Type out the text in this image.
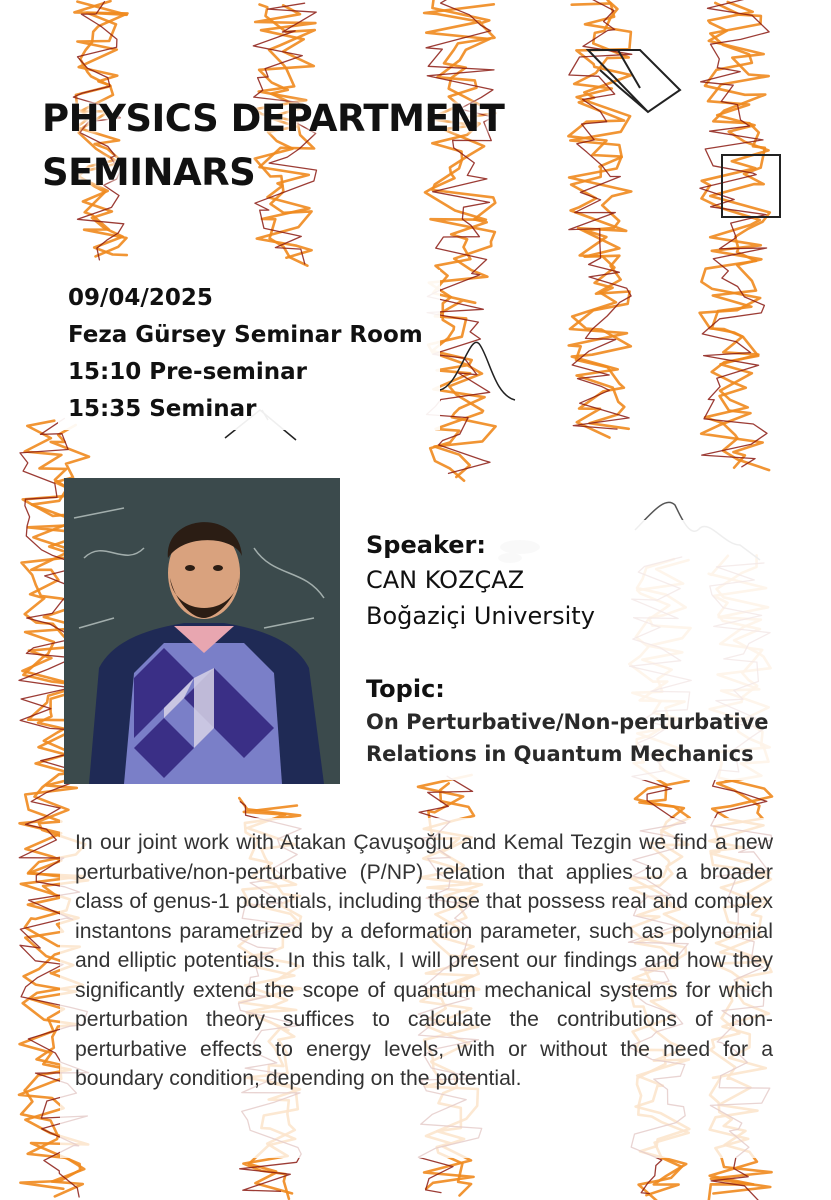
PHYSICS DEPARTMENT
SEMINARS
09/04/2025
Feza Gürsey Seminar Room
15:10 Pre-seminar
15:35 Seminar
Speaker:
CAN KOZÇAZ
Boğaziçi University
Topic:
On Perturbative/Non-perturbative
Relations in Quantum Mechanics

In our joint work with Atakan Çavuşoğlu and Kemal Tezgin we find a new perturbative/non-perturbative (P/NP) relation that applies to a broader class of genus-1 potentials, including those that possess real and complex instantons parametrized by a deformation parameter, such as polynomial and elliptic potentials. In this talk, I will present our findings and how they significantly extend the scope of quantum mechanical systems for which perturbation theory suffices to calculate the contributions of non-perturbative effects to energy levels, with or without the need for a boundary condition, depending on the potential.
